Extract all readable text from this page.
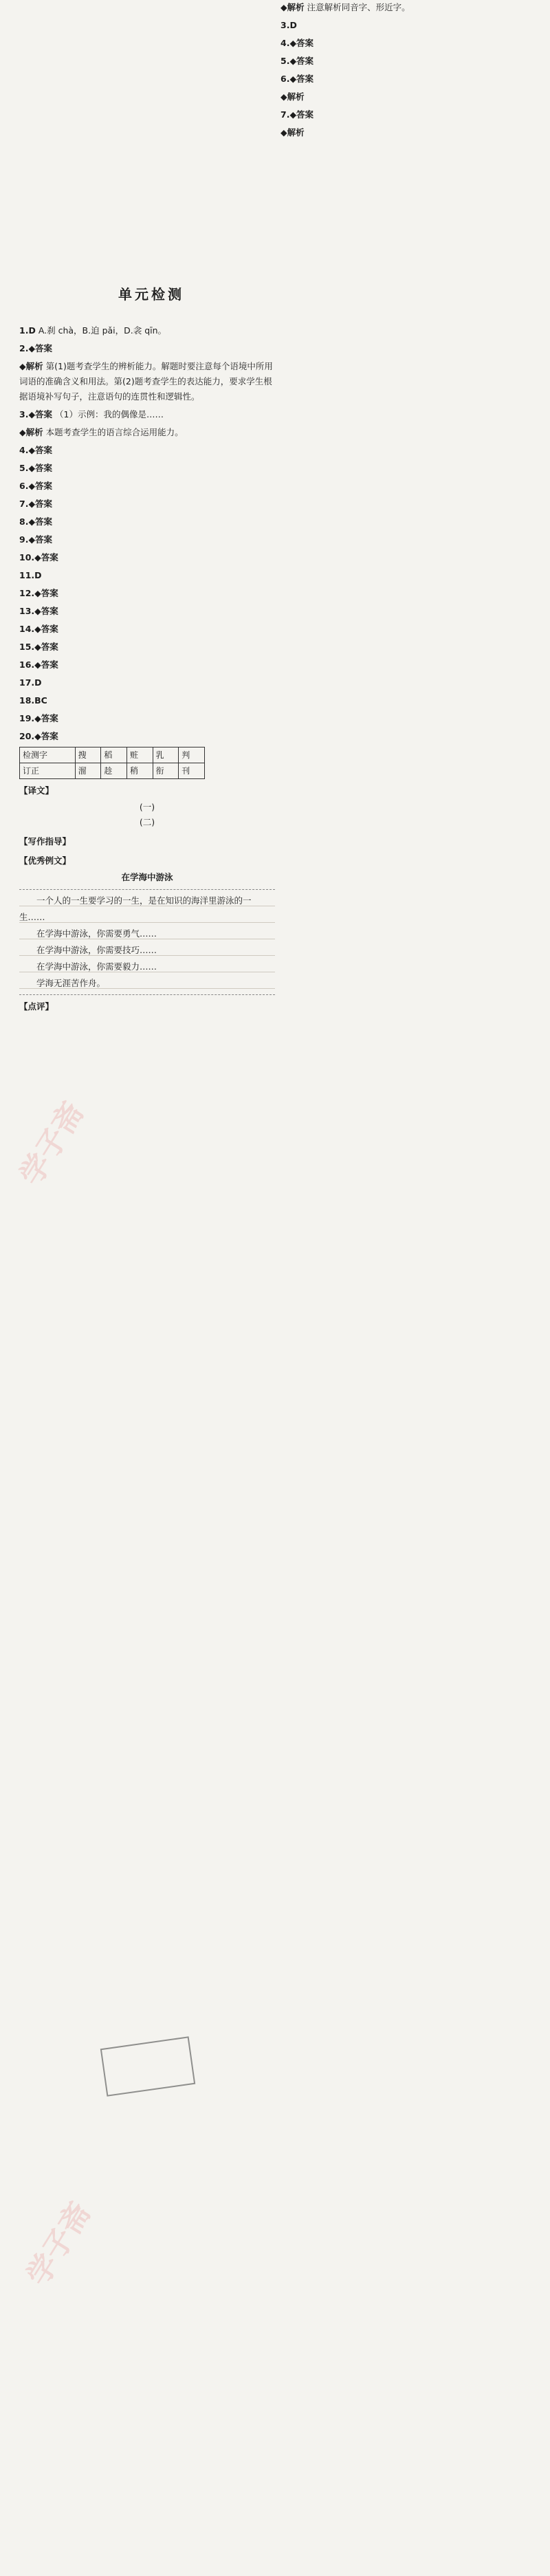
单元检测
◆解析 注意解析同音字、形近字。
3.D
4.◆答案
5.◆答案
6.◆答案
◆解析
7.◆答案
◆解析
1.D A.刹 chà，B.迫 pǎi，D.衾 qīn。
2.◆答案
◆解析 第(1)题考查学生的辨析能力。解题时要注意每个语境中所用词语的准确含义和用法。第(2)题考查学生的表达能力，要求学生根据语境补写句子，注意语句的连贯性和逻辑性。
3.◆答案 （1）示例：我的偶像是……
◆解析 本题考查学生的语言综合运用能力。
4.◆答案
5.◆答案
6.◆答案
7.◆答案
8.◆答案
9.◆答案
10.◆答案
11.D
12.◆答案
13.◆答案
14.◆答案
15.◆答案
16.◆答案
17.D
18.BC
19.◆答案
20.◆答案
检测字	搜	稻	赃	乳	判
订正	溜	趁	稍	衔	刊
【译文】
(一)
(二)
【写作指导】
【优秀例文】
在学海中游泳
一个人的一生要学习的一生，是在知识的海洋里游泳的一生……
在学海中游泳，你需要勇气……
在学海中游泳，你需要技巧……
在学海中游泳，你需要毅力……
学海无涯苦作舟。
【点评】
学子斋
学子斋
